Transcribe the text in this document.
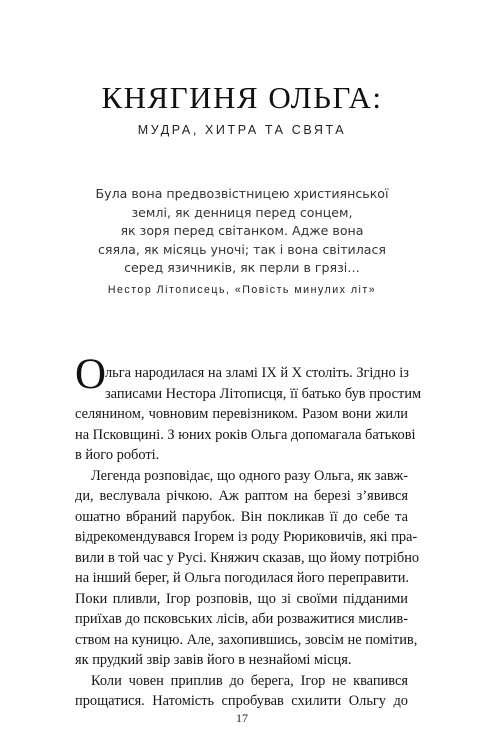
КНЯГИНЯ ОЛЬГА:
МУДРА, ХИТРА ТА СВЯТА
Була вона предвозвістницею християнської
землі, як денниця перед сонцем,
як зоря перед світанком. Адже вона
сяяла, як місяць уночі; так і вона світилася
серед язичників, як перли в грязі…
Нестор Літописець, «Повість минулих літ»
О
льга народилася на зламі ІХ й Х століть. Згідно із
записами Нестора Літописця, її батько був простим
селянином, човновим перевізником. Разом вони жили
на Псковщині. З юних років Ольга допомагала батькові
в його роботі.
Легенда розповідає, що одного разу Ольга, як завж-
ди, веслувала річкою. Аж раптом на березі з’явився
ошатно вбраний парубок. Він покликав її до себе та
відрекомендувався Ігорем із роду Рюриковичів, які пра-
вили в той час у Русі. Княжич сказав, що йому потрібно
на інший берег, й Ольга погодилася його переправити.
Поки пливли, Ігор розповів, що зі своїми підданими
приїхав до псковських лісів, аби розважитися мислив-
ством на куницю. Але, захопившись, зовсім не помітив,
як прудкий звір завів його в незнайомі місця.
Коли човен приплив до берега, Ігор не квапився
прощатися. Натомість спробував схилити Ольгу до
17
